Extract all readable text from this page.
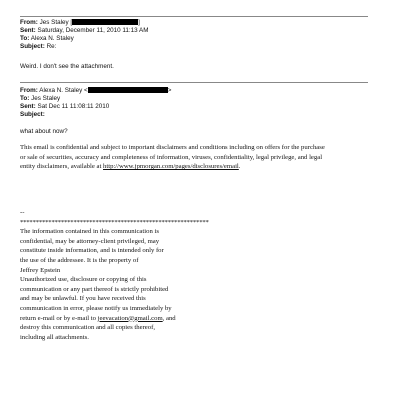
From: Jes Staley [	]
Sent: Saturday, December 11, 2010 11:13 AM
To: Alexa N. Staley
Subject: Re:
Weird. I don't see the attachment.
From: Alexa N. Staley <	>
To: Jes Staley
Sent: Sat Dec 11 11:08:11 2010
Subject:
what about now?
This email is confidential and subject to important disclaimers and conditions including on offers for the purchase
or sale of securities, accuracy and completeness of information, viruses, confidentiality, legal privilege, and legal
entity disclaimers, available at http://www.jpmorgan.com/pages/disclosures/email.
--
************************************************************
The information contained in this communication is
confidential, may be attorney-client privileged, may
constitute inside information, and is intended only for
the use of the addressee. It is the property of
Jeffrey Epstein
Unauthorized use, disclosure or copying of this
communication or any part thereof is strictly prohibited
and may be unlawful. If you have received this
communication in error, please notify us immediately by
return e-mail or by e-mail to jeevacation@gmail.com, and
destroy this communication and all copies thereof,
including all attachments.
